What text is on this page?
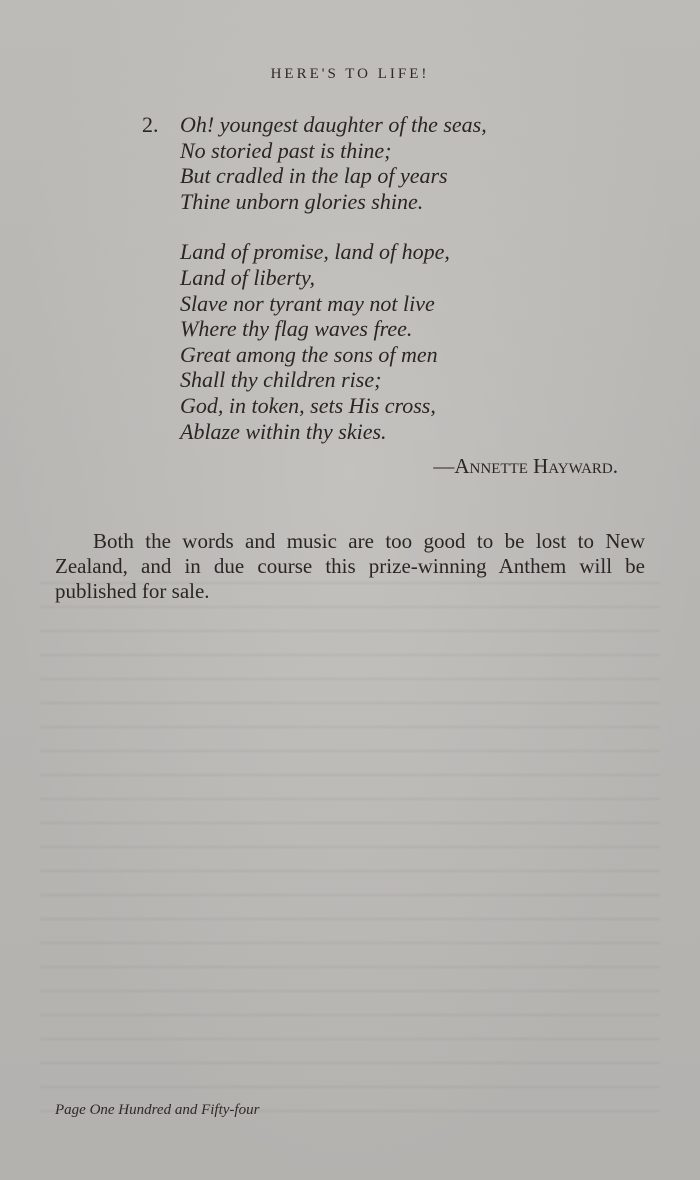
HERE'S TO LIFE!
2. Oh! youngest daughter of the seas,
No storied past is thine;
But cradled in the lap of years
Thine unborn glories shine.
Land of promise, land of hope,
Land of liberty,
Slave nor tyrant may not live
Where thy flag waves free.
Great among the sons of men
Shall thy children rise;
God, in token, sets His cross,
Ablaze within thy skies.
—Annette Hayward.

Both the words and music are too good to be lost to New Zealand, and in due course this prize-winning Anthem will be published for sale.

Page One Hundred and Fifty-four
